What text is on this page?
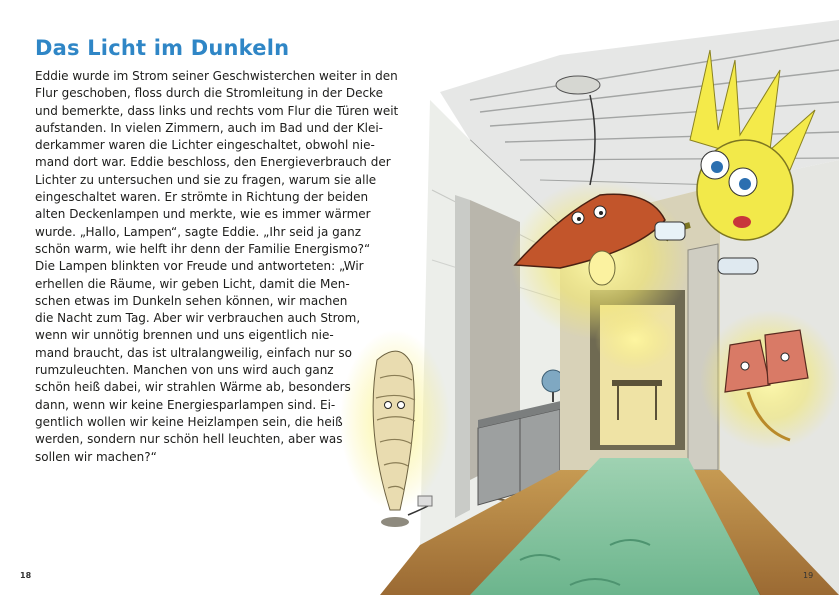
Das Licht im Dunkeln

Eddie wurde im Strom seiner Geschwisterchen weiter in den
Flur geschoben, floss durch die Stromleitung in der Decke
und bemerkte, dass links und rechts vom Flur die Türen weit
aufstanden. In vielen Zimmern, auch im Bad und der Klei-
derkammer waren die Lichter eingeschaltet, obwohl nie-
mand dort war. Eddie beschloss, den Energieverbrauch der
Lichter zu untersuchen und sie zu fragen, warum sie alle
eingeschaltet waren. Er strömte in Richtung der beiden
alten Deckenlampen und merkte, wie es immer wärmer
wurde. „Hallo, Lampen“, sagte Eddie. „Ihr seid ja ganz
schön warm, wie helft ihr denn der Familie Energismo?“
Die Lampen blinkten vor Freude und antworteten: „Wir
erhellen die Räume, wir geben Licht, damit die Men-
schen etwas im Dunkeln sehen können, wir machen
die Nacht zum Tag. Aber wir verbrauchen auch Strom,
wenn wir unnötig brennen und uns eigentlich nie-
mand braucht, das ist ultralangweilig, einfach nur so
rumzuleuchten. Manchen von uns wird auch ganz
schön heiß dabei, wir strahlen Wärme ab, besonders
dann, wenn wir keine Energiesparlampen sind. Ei-
gentlich wollen wir keine Heizlampen sein, die heiß
werden, sondern nur schön hell leuchten, aber was
sollen wir machen?“

18	19
